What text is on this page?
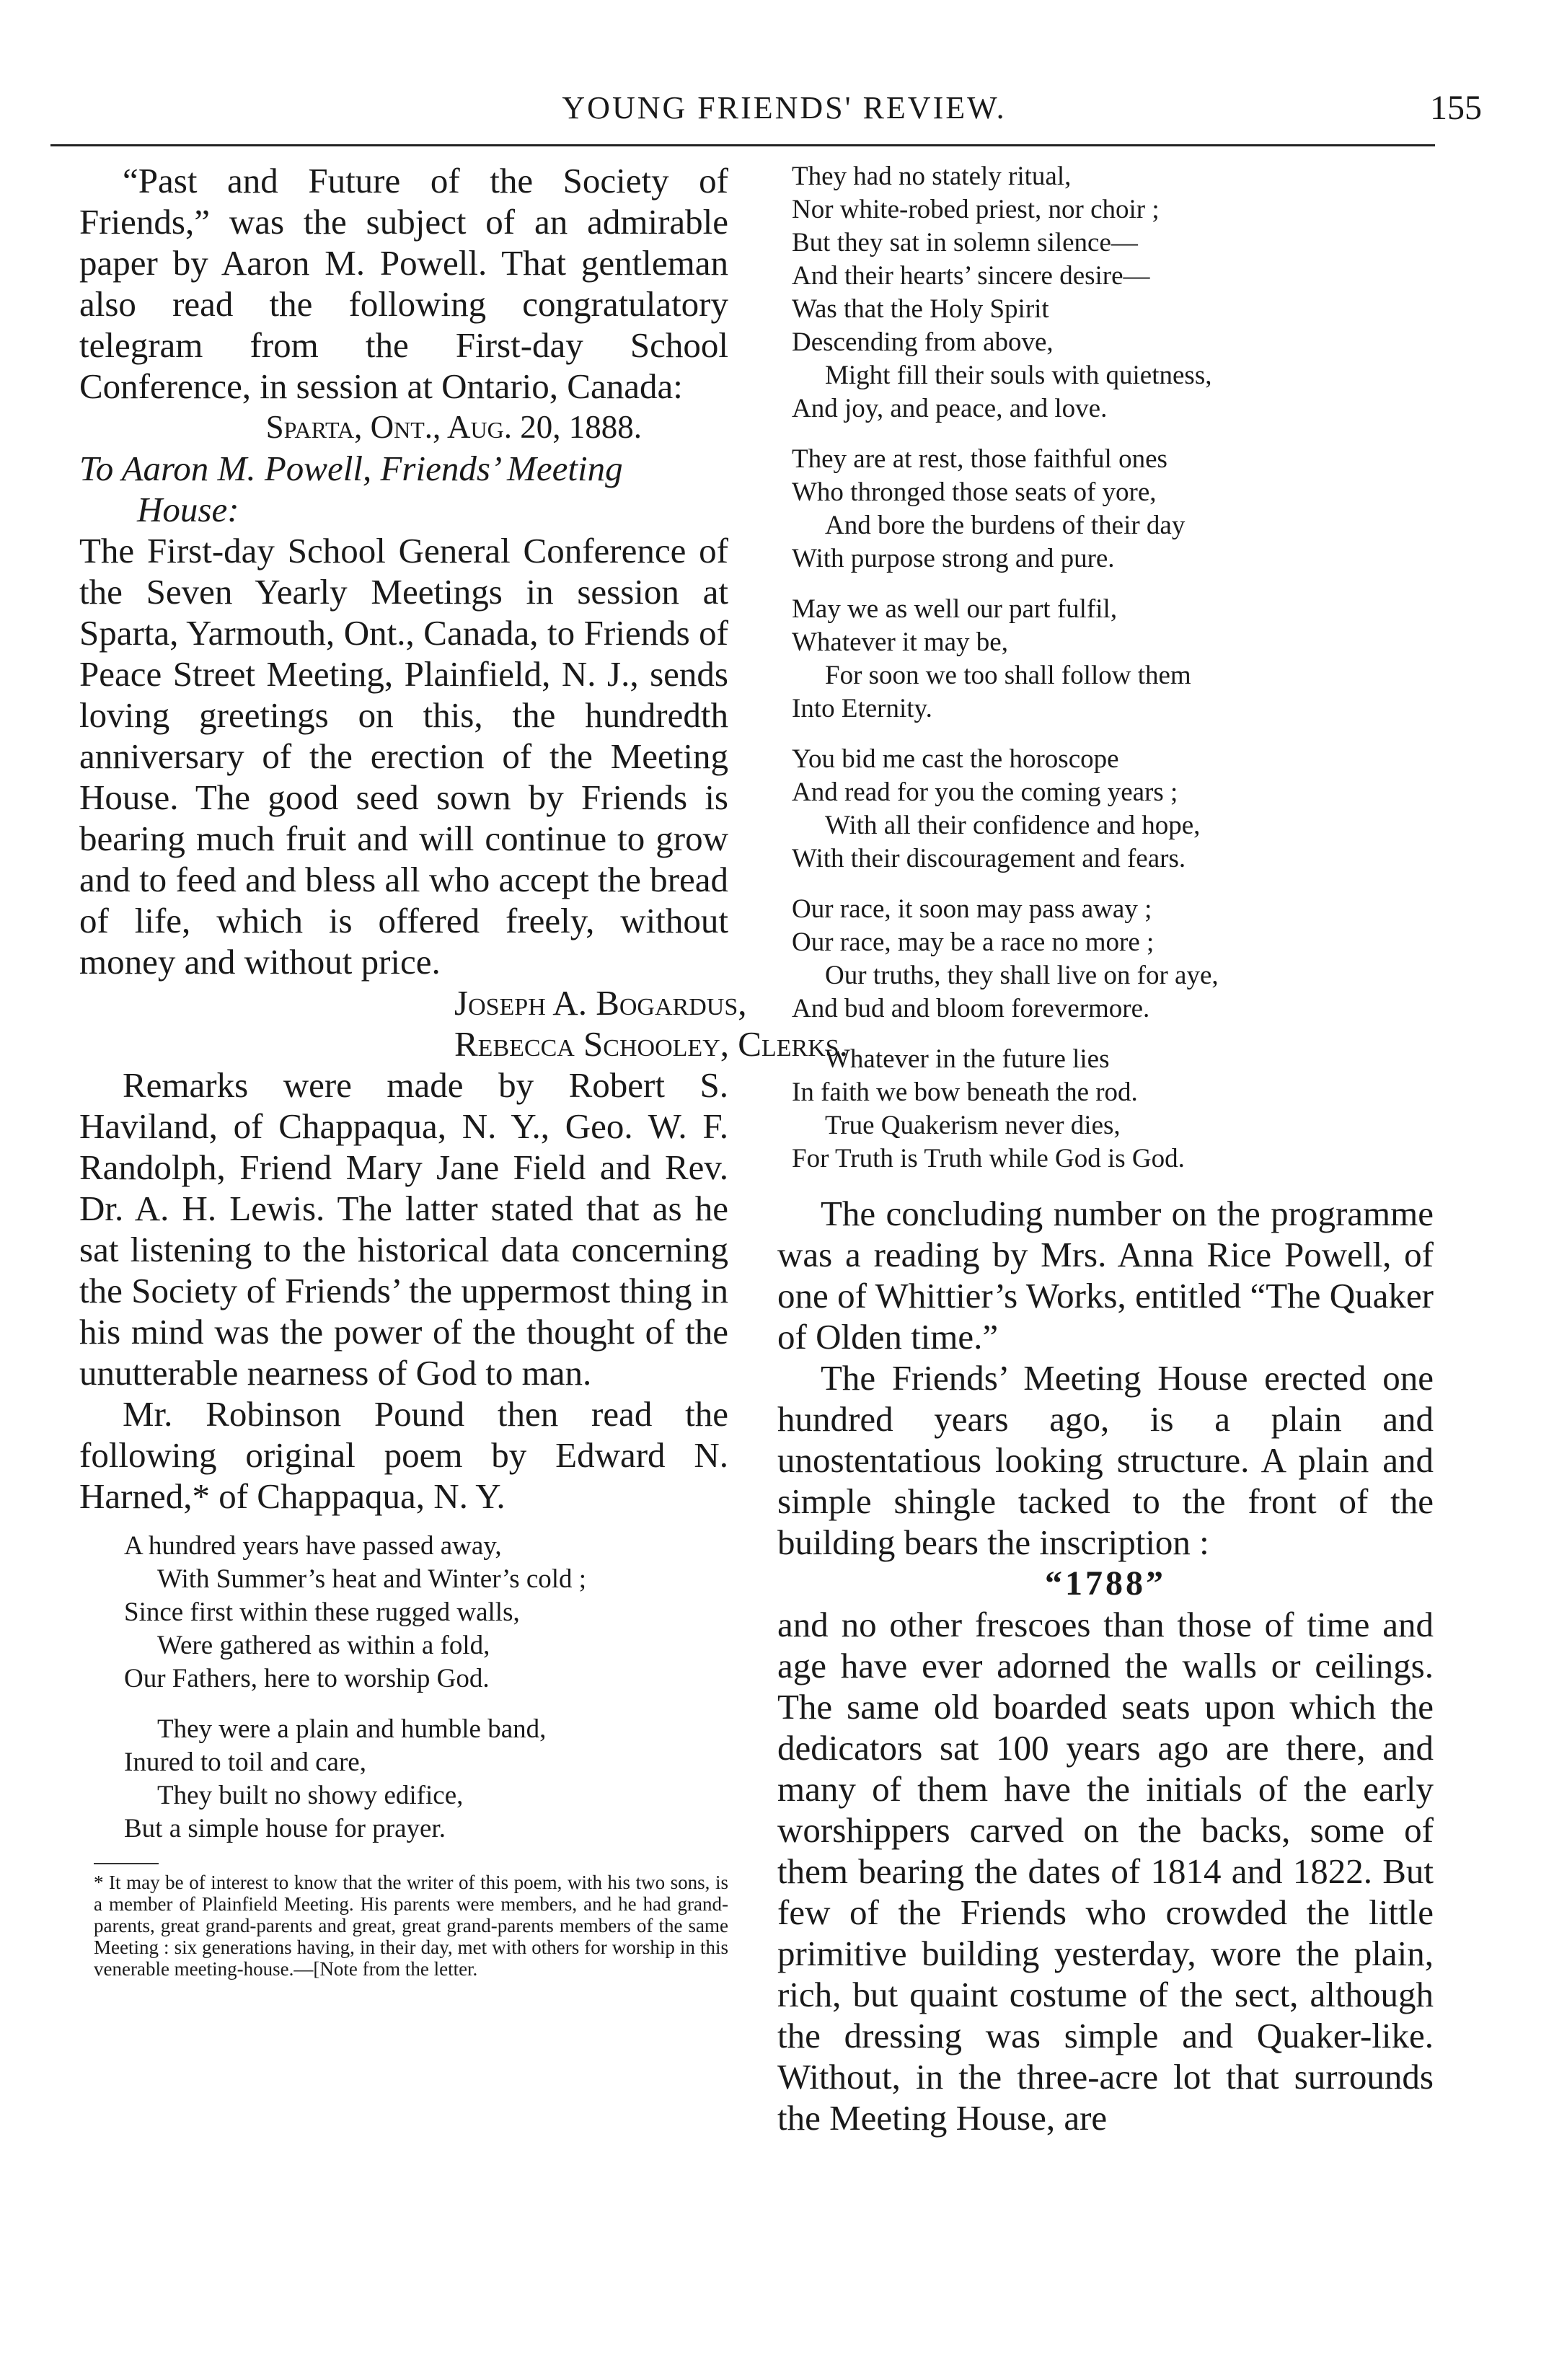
YOUNG FRIENDS' REVIEW.	155

“Past and Future of the Society of Friends,” was the subject of an admirable paper by Aaron M. Powell. That gentleman also read the following congratulatory telegram from the First-day School Conference, in session at Ontario, Canada:

Sparta, Ont., Aug. 20, 1888.
To Aaron M. Powell, Friends’ Meeting
House:

The First-day School General Conference of the Seven Yearly Meetings in session at Sparta, Yarmouth, Ont., Canada, to Friends of Peace Street Meeting, Plainfield, N. J., sends loving greetings on this, the hundredth anniversary of the erection of the Meeting House. The good seed sown by Friends is bearing much fruit and will continue to grow and to feed and bless all who accept the bread of life, which is offered freely, without money and without price.

Joseph A. Bogardus,
Rebecca Schooley, Clerks.

Remarks were made by Robert S. Haviland, of Chappaqua, N. Y., Geo. W. F. Randolph, Friend Mary Jane Field and Rev. Dr. A. H. Lewis. The latter stated that as he sat listening to the historical data concerning the Society of Friends’ the uppermost thing in his mind was the power of the thought of the unutterable nearness of God to man.

Mr. Robinson Pound then read the following original poem by Edward N. Harned,* of Chappaqua, N. Y.

A hundred years have passed away,
With Summer’s heat and Winter’s cold ;
Since first within these rugged walls,
Were gathered as within a fold,
Our Fathers, here to worship God.
They were a plain and humble band,
Inured to toil and care,
They built no showy edifice,
But a simple house for prayer.
* It may be of interest to know that the writer of this poem, with his two sons, is a member of Plainfield Meeting. His parents were members, and he had grand-parents, great grand-parents and great, great grand-parents members of the same Meeting : six generations having, in their day, met with others for worship in this venerable meeting-house.—[Note from the letter.
They had no stately ritual,
Nor white-robed priest, nor choir ;
But they sat in solemn silence—
And their hearts’ sincere desire—
Was that the Holy Spirit
Descending from above,
Might fill their souls with quietness,
And joy, and peace, and love.
They are at rest, those faithful ones
Who thronged those seats of yore,
And bore the burdens of their day
With purpose strong and pure.
May we as well our part fulfil,
Whatever it may be,
For soon we too shall follow them
Into Eternity.
You bid me cast the horoscope
And read for you the coming years ;
With all their confidence and hope,
With their discouragement and fears.
Our race, it soon may pass away ;
Our race, may be a race no more ;
Our truths, they shall live on for aye,
And bud and bloom forevermore.
Whatever in the future lies
In faith we bow beneath the rod.
True Quakerism never dies,
For Truth is Truth while God is God.

The concluding number on the programme was a reading by Mrs. Anna Rice Powell, of one of Whittier’s Works, entitled “The Quaker of Olden time.”

The Friends’ Meeting House erected one hundred years ago, is a plain and unostentatious looking structure. A plain and simple shingle tacked to the front of the building bears the inscription :

“1788”

and no other frescoes than those of time and age have ever adorned the walls or ceilings. The same old boarded seats upon which the dedicators sat 100 years ago are there, and many of them have the initials of the early worshippers carved on the backs, some of them bearing the dates of 1814 and 1822. But few of the Friends who crowded the little primitive building yesterday, wore the plain, rich, but quaint costume of the sect, although the dressing was simple and Quaker-like. Without, in the three-acre lot that surrounds the Meeting House, are
